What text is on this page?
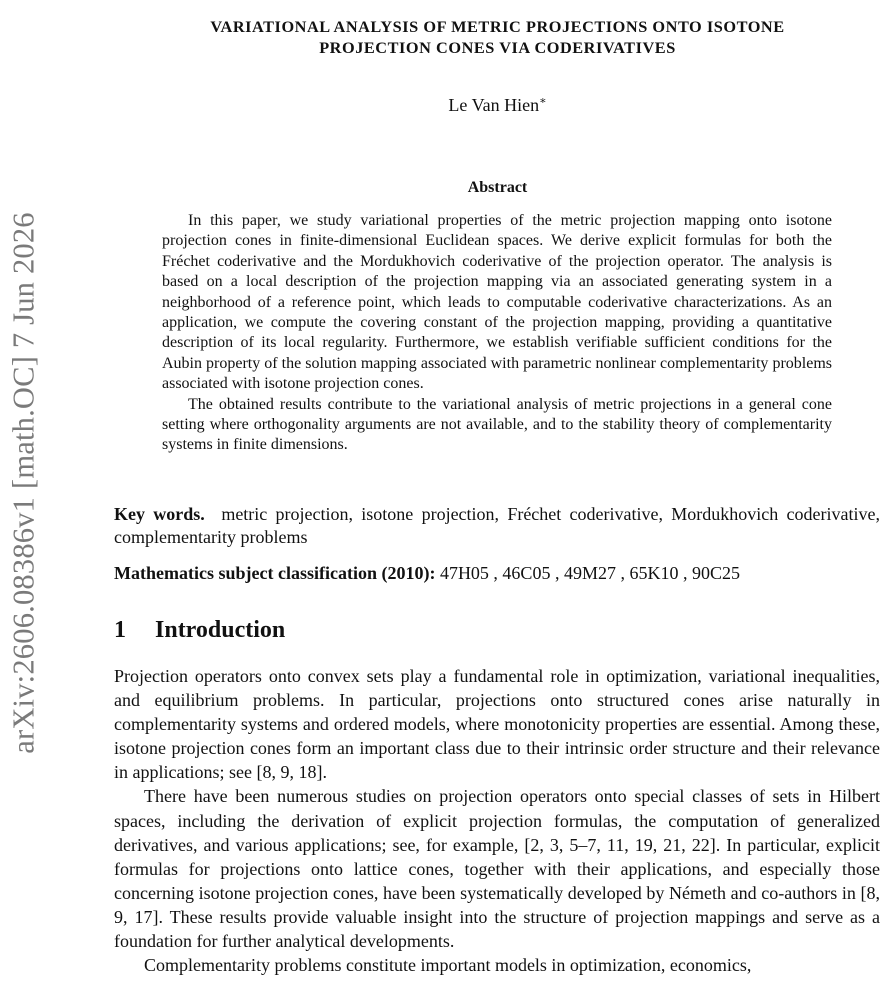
arXiv:2606.08386v1 [math.OC] 7 Jun 2026
VARIATIONAL ANALYSIS OF METRIC PROJECTIONS ONTO ISOTONE
PROJECTION CONES VIA CODERIVATIVES
Le Van Hien∗
Abstract

In this paper, we study variational properties of the metric projection mapping onto isotone projection cones in finite-dimensional Euclidean spaces. We derive explicit formulas for both the Fréchet coderivative and the Mordukhovich coderivative of the projection operator. The analysis is based on a local description of the projection mapping via an associated generating system in a neighborhood of a reference point, which leads to computable coderivative characterizations. As an application, we compute the covering constant of the projection mapping, providing a quantitative description of its local regularity. Furthermore, we establish verifiable sufficient conditions for the Aubin property of the solution mapping associated with parametric nonlinear complementarity problems associated with isotone projection cones.

The obtained results contribute to the variational analysis of metric projections in a general cone setting where orthogonality arguments are not available, and to the stability theory of complementarity systems in finite dimensions.

Key words. metric projection, isotone projection, Fréchet coderivative, Mordukhovich coderivative, complementarity problems

Mathematics subject classification (2010): 47H05 , 46C05 , 49M27 , 65K10 , 90C25

1 Introduction

Projection operators onto convex sets play a fundamental role in optimization, variational inequalities, and equilibrium problems. In particular, projections onto structured cones arise naturally in complementarity systems and ordered models, where monotonicity properties are essential. Among these, isotone projection cones form an important class due to their intrinsic order structure and their relevance in applications; see [8, 9, 18].

There have been numerous studies on projection operators onto special classes of sets in Hilbert spaces, including the derivation of explicit projection formulas, the computation of generalized derivatives, and various applications; see, for example, [2, 3, 5–7, 11, 19, 21, 22]. In particular, explicit formulas for projections onto lattice cones, together with their applications, and especially those concerning isotone projection cones, have been systematically developed by Németh and co-authors in [8, 9, 17]. These results provide valuable insight into the structure of projection mappings and serve as a foundation for further analytical developments.

Complementarity problems constitute important models in optimization, economics,
